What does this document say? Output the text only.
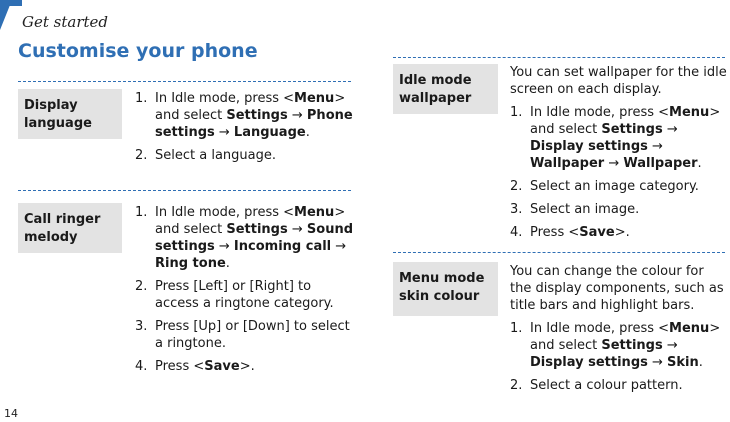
Get started
Customise your phone
Display language
1. In Idle mode, press <Menu> and select Settings → Phone settings → Language.
2. Select a language.
Call ringer melody
1. In Idle mode, press <Menu> and select Settings → Sound settings → Incoming call → Ring tone.
2. Press [Left] or [Right] to access a ringtone category.
3. Press [Up] or [Down] to select a ringtone.
4. Press <Save>.
Idle mode wallpaper

You can set wallpaper for the idle screen on each display.

1. In Idle mode, press <Menu> and select Settings → Display settings → Wallpaper → Wallpaper.
2. Select an image category.
3. Select an image.
4. Press <Save>.
Menu mode skin colour

You can change the colour for the display components, such as title bars and highlight bars.

1. In Idle mode, press <Menu> and select Settings → Display settings → Skin.
2. Select a colour pattern.
14
